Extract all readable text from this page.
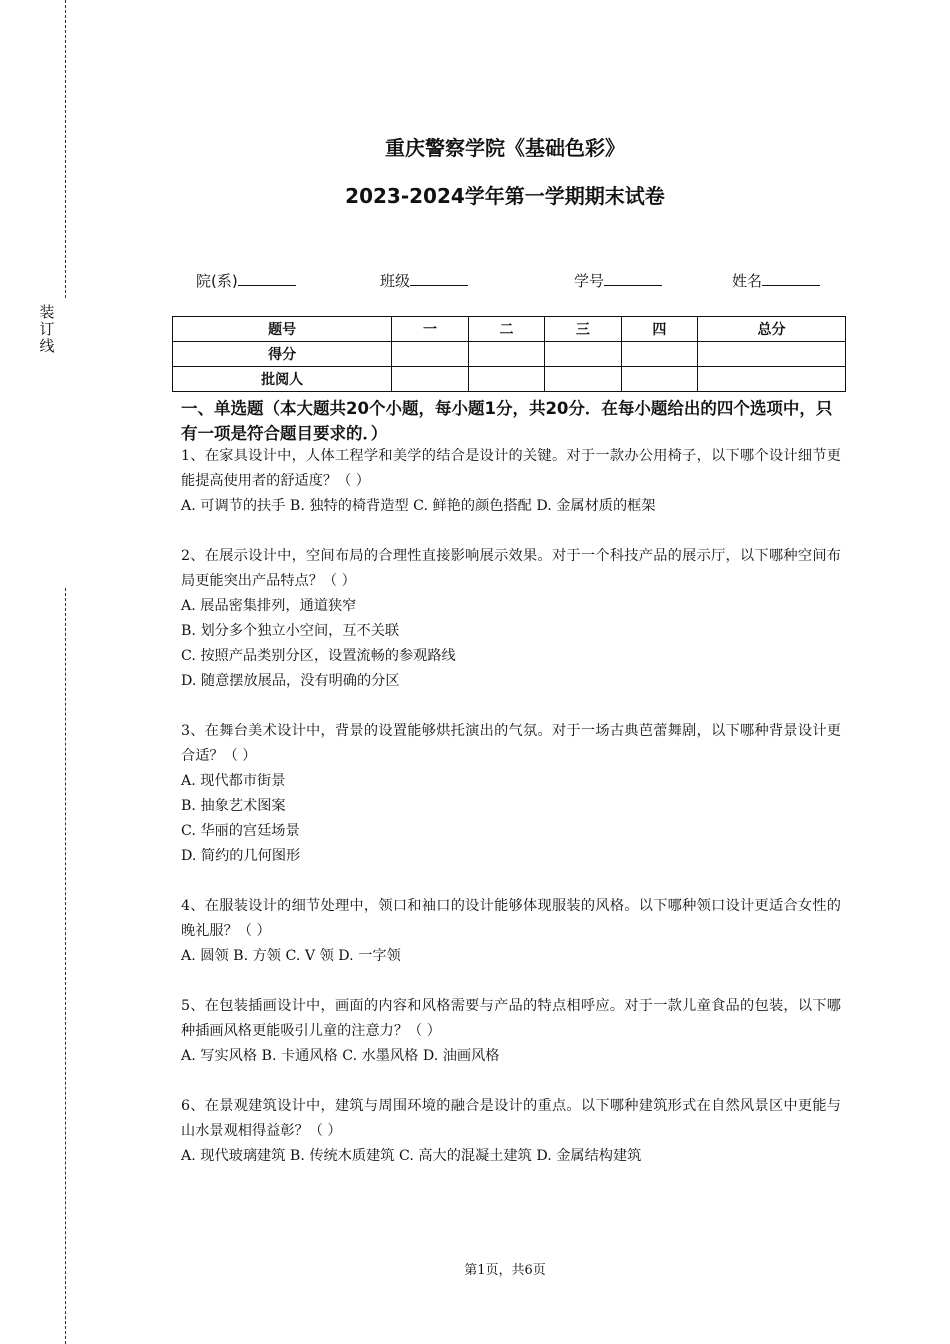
装
订
线
重庆警察学院《基础色彩》
2023-2024学年第一学期期末试卷
院(系)	班级	学号	姓名
题号	一	二	三	四	总分
得分					
批阅人					
一、单选题（本大题共20个小题，每小题1分，共20分．在每小题给出的四个选项中，只有一项是符合题目要求的．）
1、在家具设计中，人体工程学和美学的结合是设计的关键。对于一款办公用椅子，以下哪个设计细节更能提高使用者的舒适度？（ ）
A. 可调节的扶手 B. 独特的椅背造型 C. 鲜艳的颜色搭配 D. 金属材质的框架
2、在展示设计中，空间布局的合理性直接影响展示效果。对于一个科技产品的展示厅，以下哪种空间布局更能突出产品特点？（ ）
A. 展品密集排列，通道狭窄
B. 划分多个独立小空间，互不关联
C. 按照产品类别分区，设置流畅的参观路线
D. 随意摆放展品，没有明确的分区
3、在舞台美术设计中，背景的设置能够烘托演出的气氛。对于一场古典芭蕾舞剧，以下哪种背景设计更合适？（ ）
A. 现代都市街景
B. 抽象艺术图案
C. 华丽的宫廷场景
D. 简约的几何图形
4、在服装设计的细节处理中，领口和袖口的设计能够体现服装的风格。以下哪种领口设计更适合女性的晚礼服？（ ）
A. 圆领 B. 方领 C. V 领 D. 一字领
5、在包装插画设计中，画面的内容和风格需要与产品的特点相呼应。对于一款儿童食品的包装，以下哪种插画风格更能吸引儿童的注意力？（ ）
A. 写实风格 B. 卡通风格 C. 水墨风格 D. 油画风格
6、在景观建筑设计中，建筑与周围环境的融合是设计的重点。以下哪种建筑形式在自然风景区中更能与山水景观相得益彰？（ ）
A. 现代玻璃建筑 B. 传统木质建筑 C. 高大的混凝土建筑 D. 金属结构建筑
第1页，共6页
